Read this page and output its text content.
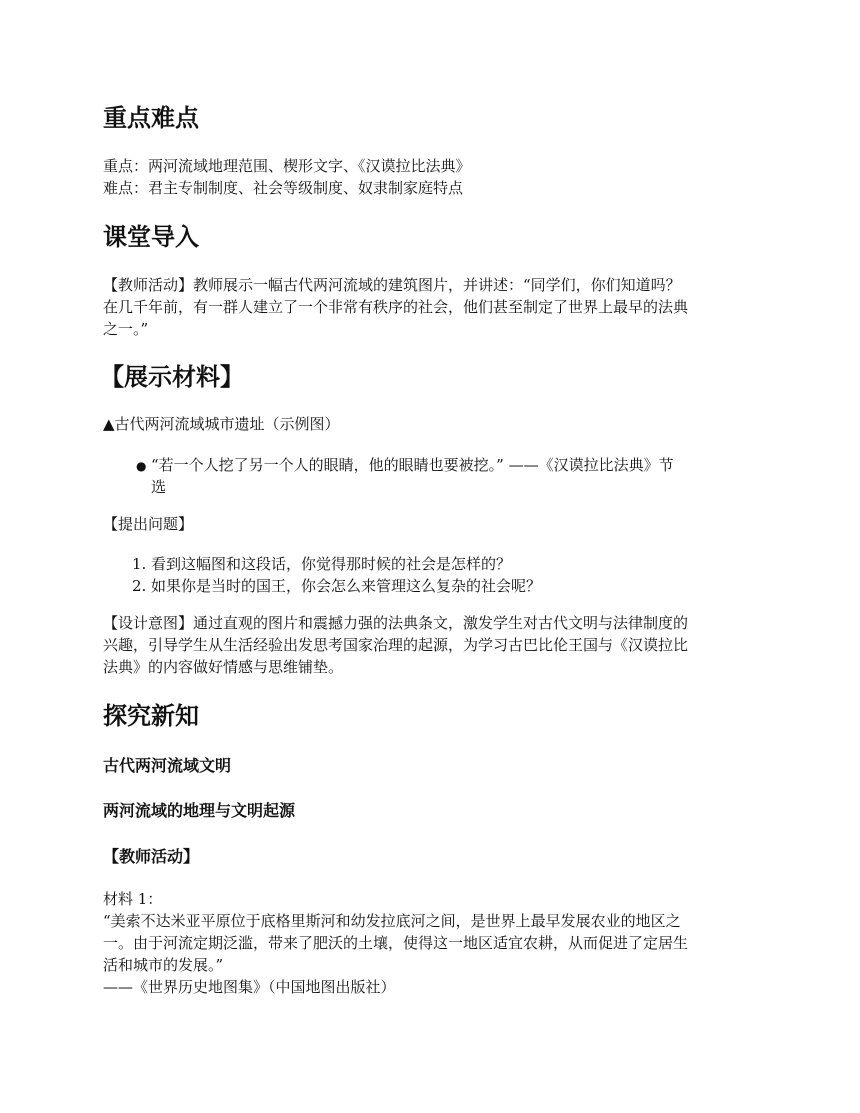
重点难点

重点：两河流域地理范围、楔形文字、《汉谟拉比法典》

难点：君主专制制度、社会等级制度、奴隶制家庭特点

课堂导入

【教师活动】教师展示一幅古代两河流域的建筑图片，并讲述：“同学们，你们知道吗？
在几千年前，有一群人建立了一个非常有秩序的社会，他们甚至制定了世界上最早的法典
之一。”

【展示材料】

▲古代两河流域城市遗址（示例图）

● “若一个人挖了另一个人的眼睛，他的眼睛也要被挖。” ——《汉谟拉比法典》节
选

【提出问题】

1. 看到这幅图和这段话，你觉得那时候的社会是怎样的？
2. 如果你是当时的国王，你会怎么来管理这么复杂的社会呢？

【设计意图】通过直观的图片和震撼力强的法典条文，激发学生对古代文明与法律制度的
兴趣，引导学生从生活经验出发思考国家治理的起源，为学习古巴比伦王国与《汉谟拉比
法典》的内容做好情感与思维铺垫。

探究新知
古代两河流域文明
两河流域的地理与文明起源
【教师活动】

材料 1：

“美索不达米亚平原位于底格里斯河和幼发拉底河之间，是世界上最早发展农业的地区之
一。由于河流定期泛滥，带来了肥沃的土壤，使得这一地区适宜农耕，从而促进了定居生
活和城市的发展。”

——《世界历史地图集》（中国地图出版社）
